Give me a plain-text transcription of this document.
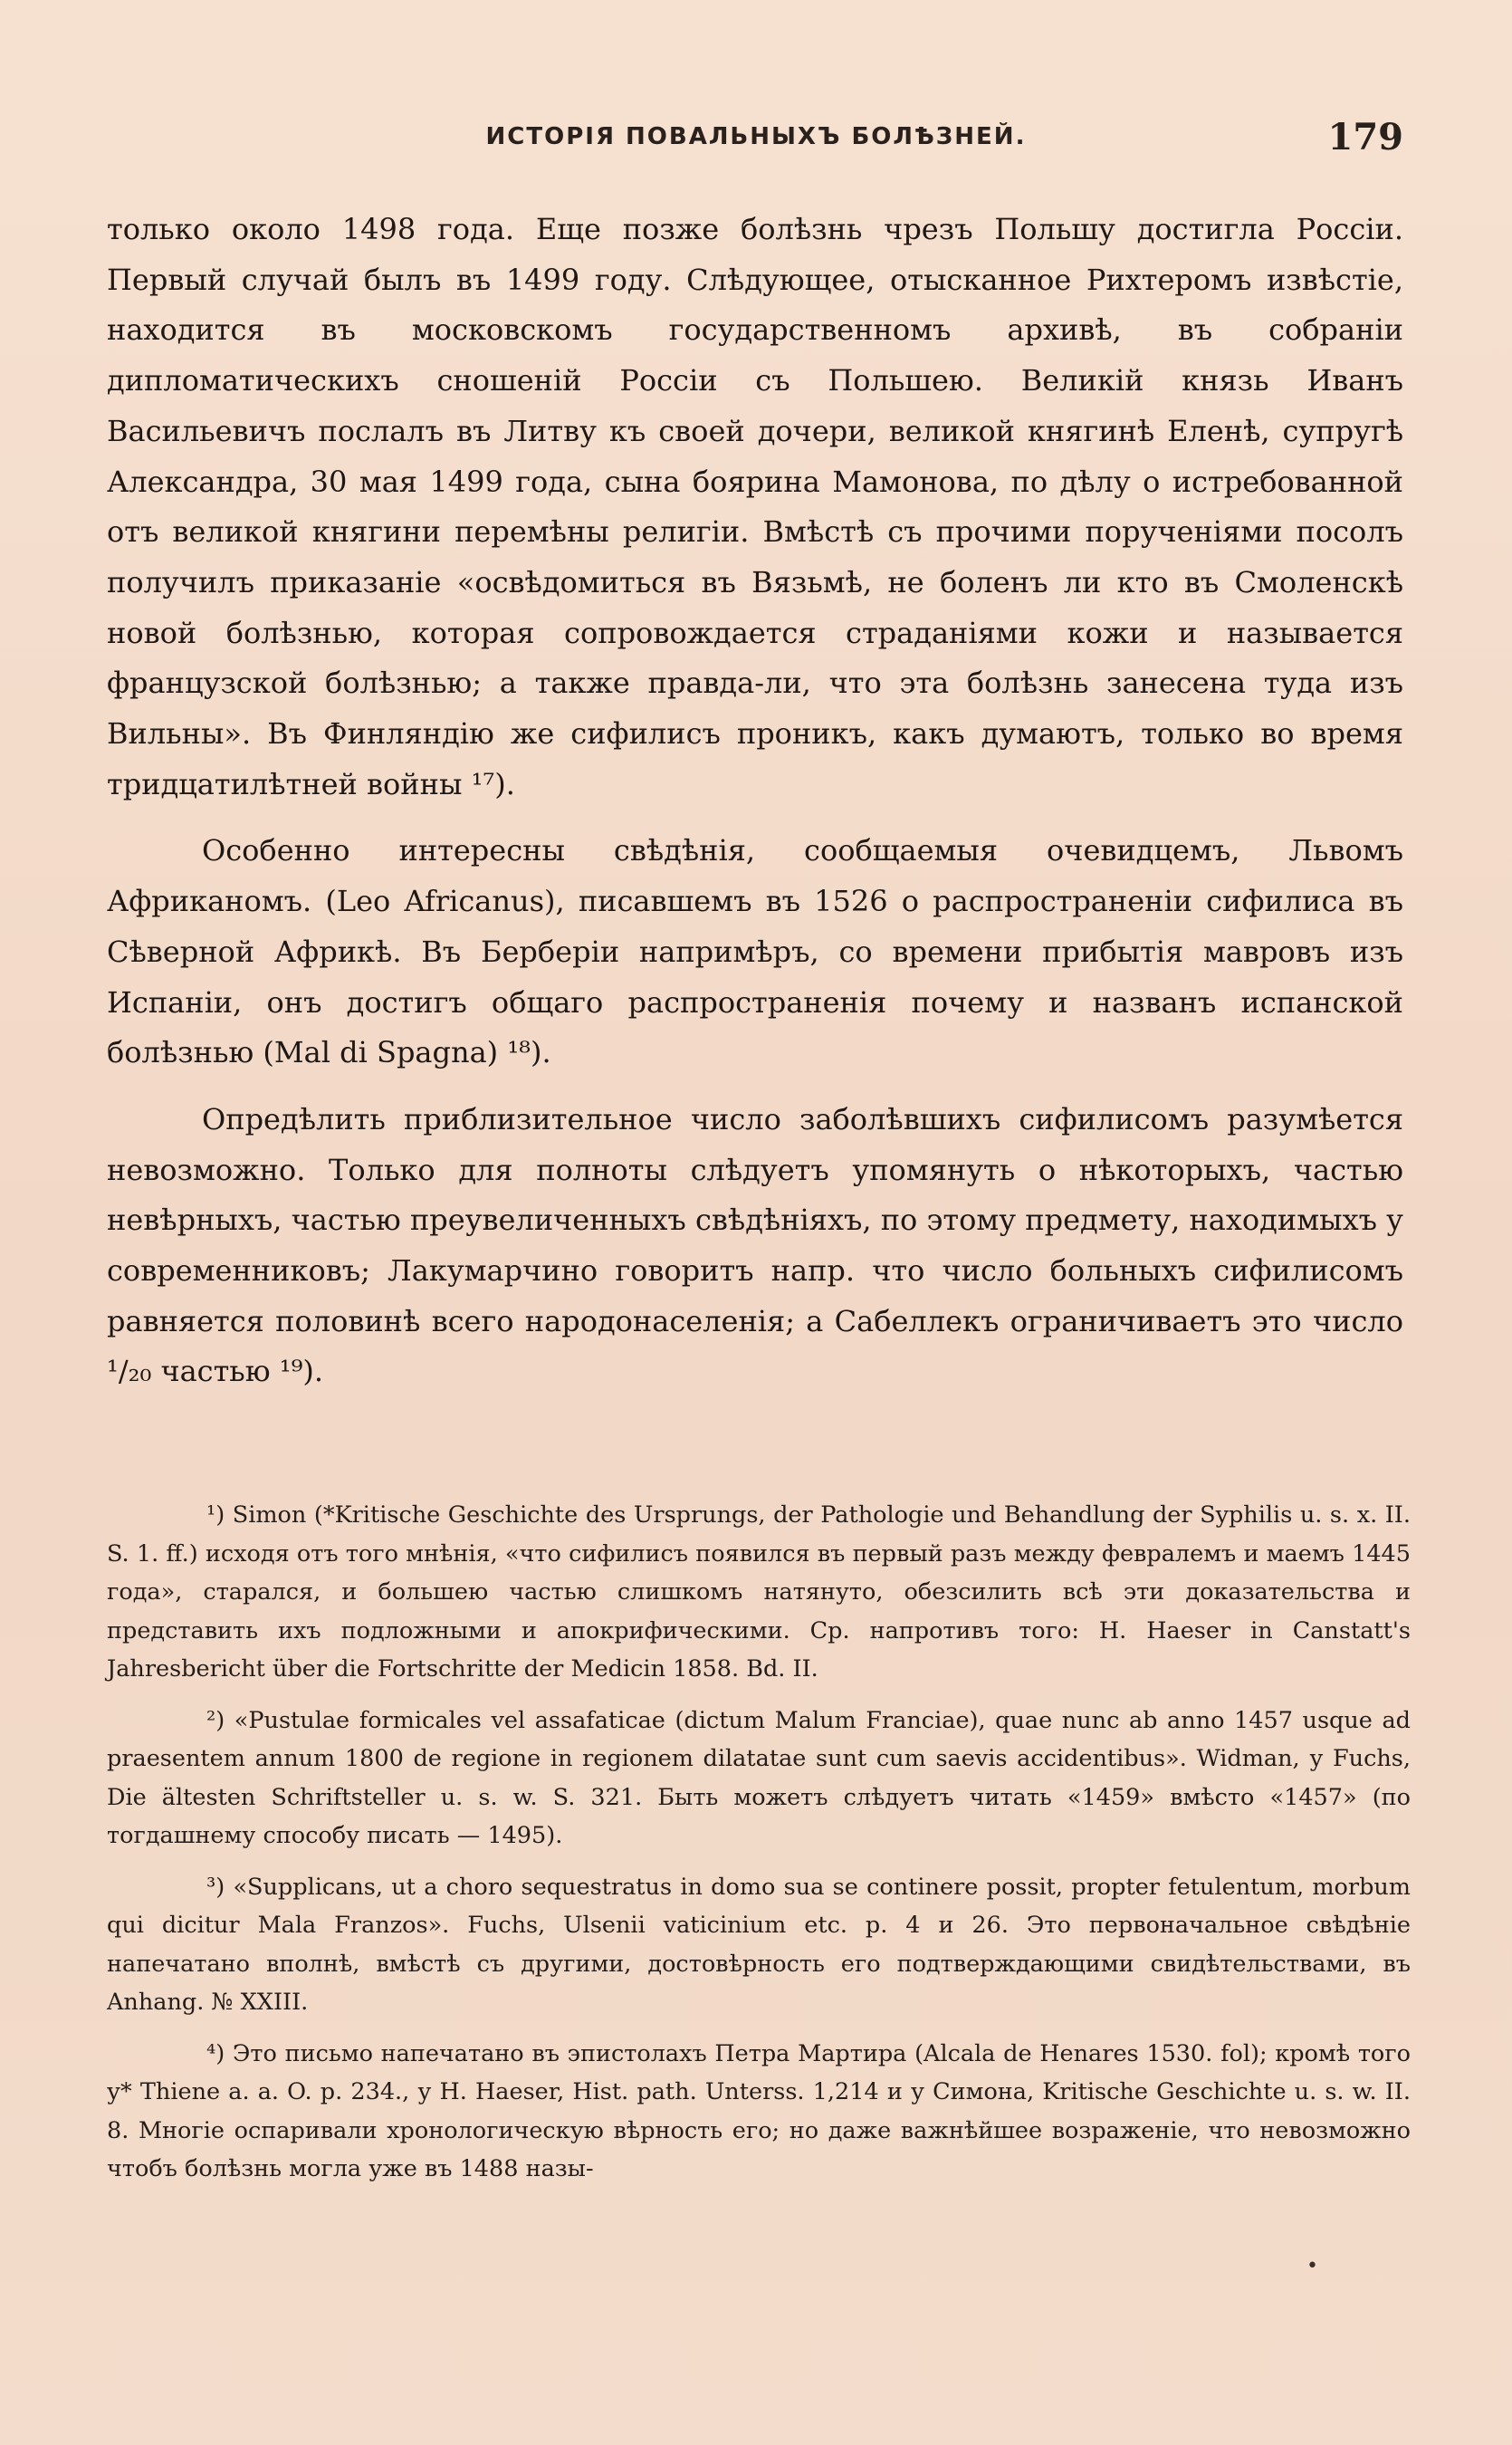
ИСТОРІЯ ПОВАЛЬНЫХЪ БОЛѢЗНЕЙ.	179

только около 1498 года. Еще позже болѣзнь чрезъ Польшу достигла Россіи. Первый случай былъ въ 1499 году. Слѣдующее, отысканное Рихтеромъ извѣстіе, находится въ московскомъ государственномъ архивѣ, въ собраніи дипломатическихъ сношеній Россіи съ Польшею. Великій князь Иванъ Васильевичъ послалъ въ Литву къ своей дочери, великой княгинѣ Еленѣ, супругѣ Александра, 30 мая 1499 года, сына боярина Мамонова, по дѣлу о истребованной отъ великой княгини перемѣны религіи. Вмѣстѣ съ прочими порученіями посолъ получилъ приказаніе «освѣдомиться въ Вязьмѣ, не боленъ ли кто въ Смоленскѣ новой болѣзнью, которая сопровождается страданіями кожи и называется французской болѣзнью; а также правда-ли, что эта болѣзнь занесена туда изъ Вильны». Въ Финляндію же сифилисъ проникъ, какъ думаютъ, только во время тридцатилѣтней войны ¹⁷).

Особенно интересны свѣдѣнія, сообщаемыя очевидцемъ, Львомъ Африканомъ. (Leo Africanus), писавшемъ въ 1526 о распространеніи сифилиса въ Сѣверной Африкѣ. Въ Берберіи напримѣръ, со времени прибытія мавровъ изъ Испаніи, онъ достигъ общаго распространенія почему и названъ испанской болѣзнью (Mal di Spagna) ¹⁸).

Опредѣлить приблизительное число заболѣвшихъ сифилисомъ разумѣется невозможно. Только для полноты слѣдуетъ упомянуть о нѣкоторыхъ, частью невѣрныхъ, частью преувеличенныхъ свѣдѣніяхъ, по этому предмету, находимыхъ у современниковъ; Лакумарчино говоритъ напр. что число больныхъ сифилисомъ равняется половинѣ всего народонаселенія; а Сабеллекъ ограничиваетъ это число ¹/₂₀ частью ¹⁹).

¹) Simon (*Kritische Geschichte des Ursprungs, der Pathologie und Behandlung der Syphilis u. s. x. II. S. 1. ff.) исходя отъ того мнѣнія, «что сифилисъ появился въ первый разъ между февралемъ и маемъ 1445 года», старался, и большею частью слишкомъ натянуто, обезсилить всѣ эти доказательства и представить ихъ подложными и апокрифическими. Ср. напротивъ того: H. Haeser in Canstatt's Jahresbericht über die Fortschritte der Medicin 1858. Bd. II.

²) «Pustulae formicales vel assafaticae (dictum Malum Franciae), quae nunc ab anno 1457 usque ad praesentem annum 1800 de regione in regionem dilatatae sunt cum saevis accidentibus». Widman, у Fuchs, Die ältesten Schriftsteller u. s. w. S. 321. Быть можетъ слѣдуетъ читать «1459» вмѣсто «1457» (по тогдашнему способу писать — 1495).

³) «Supplicans, ut a choro sequestratus in domo sua se continere possit, propter fetulentum, morbum qui dicitur Mala Franzos». Fuchs, Ulsenii vaticinium etc. p. 4 и 26. Это первоначальное свѣдѣніе напечатано вполнѣ, вмѣстѣ съ другими, достовѣрность его подтверждающими свидѣтельствами, въ Anhang. № XXIII.

⁴) Это письмо напечатано въ эпистолахъ Петра Мартира (Alcala de Henares 1530. fol); кромѣ того у* Thiene a. a. O. p. 234., у H. Haeser, Hist. path. Unterss. 1,214 и у Симона, Kritische Geschichte u. s. w. II. 8. Многіе оспаривали хронологическую вѣрность его; но даже важнѣйшее возраженіе, что невозможно чтобъ болѣзнь могла уже въ 1488 назы-

•
